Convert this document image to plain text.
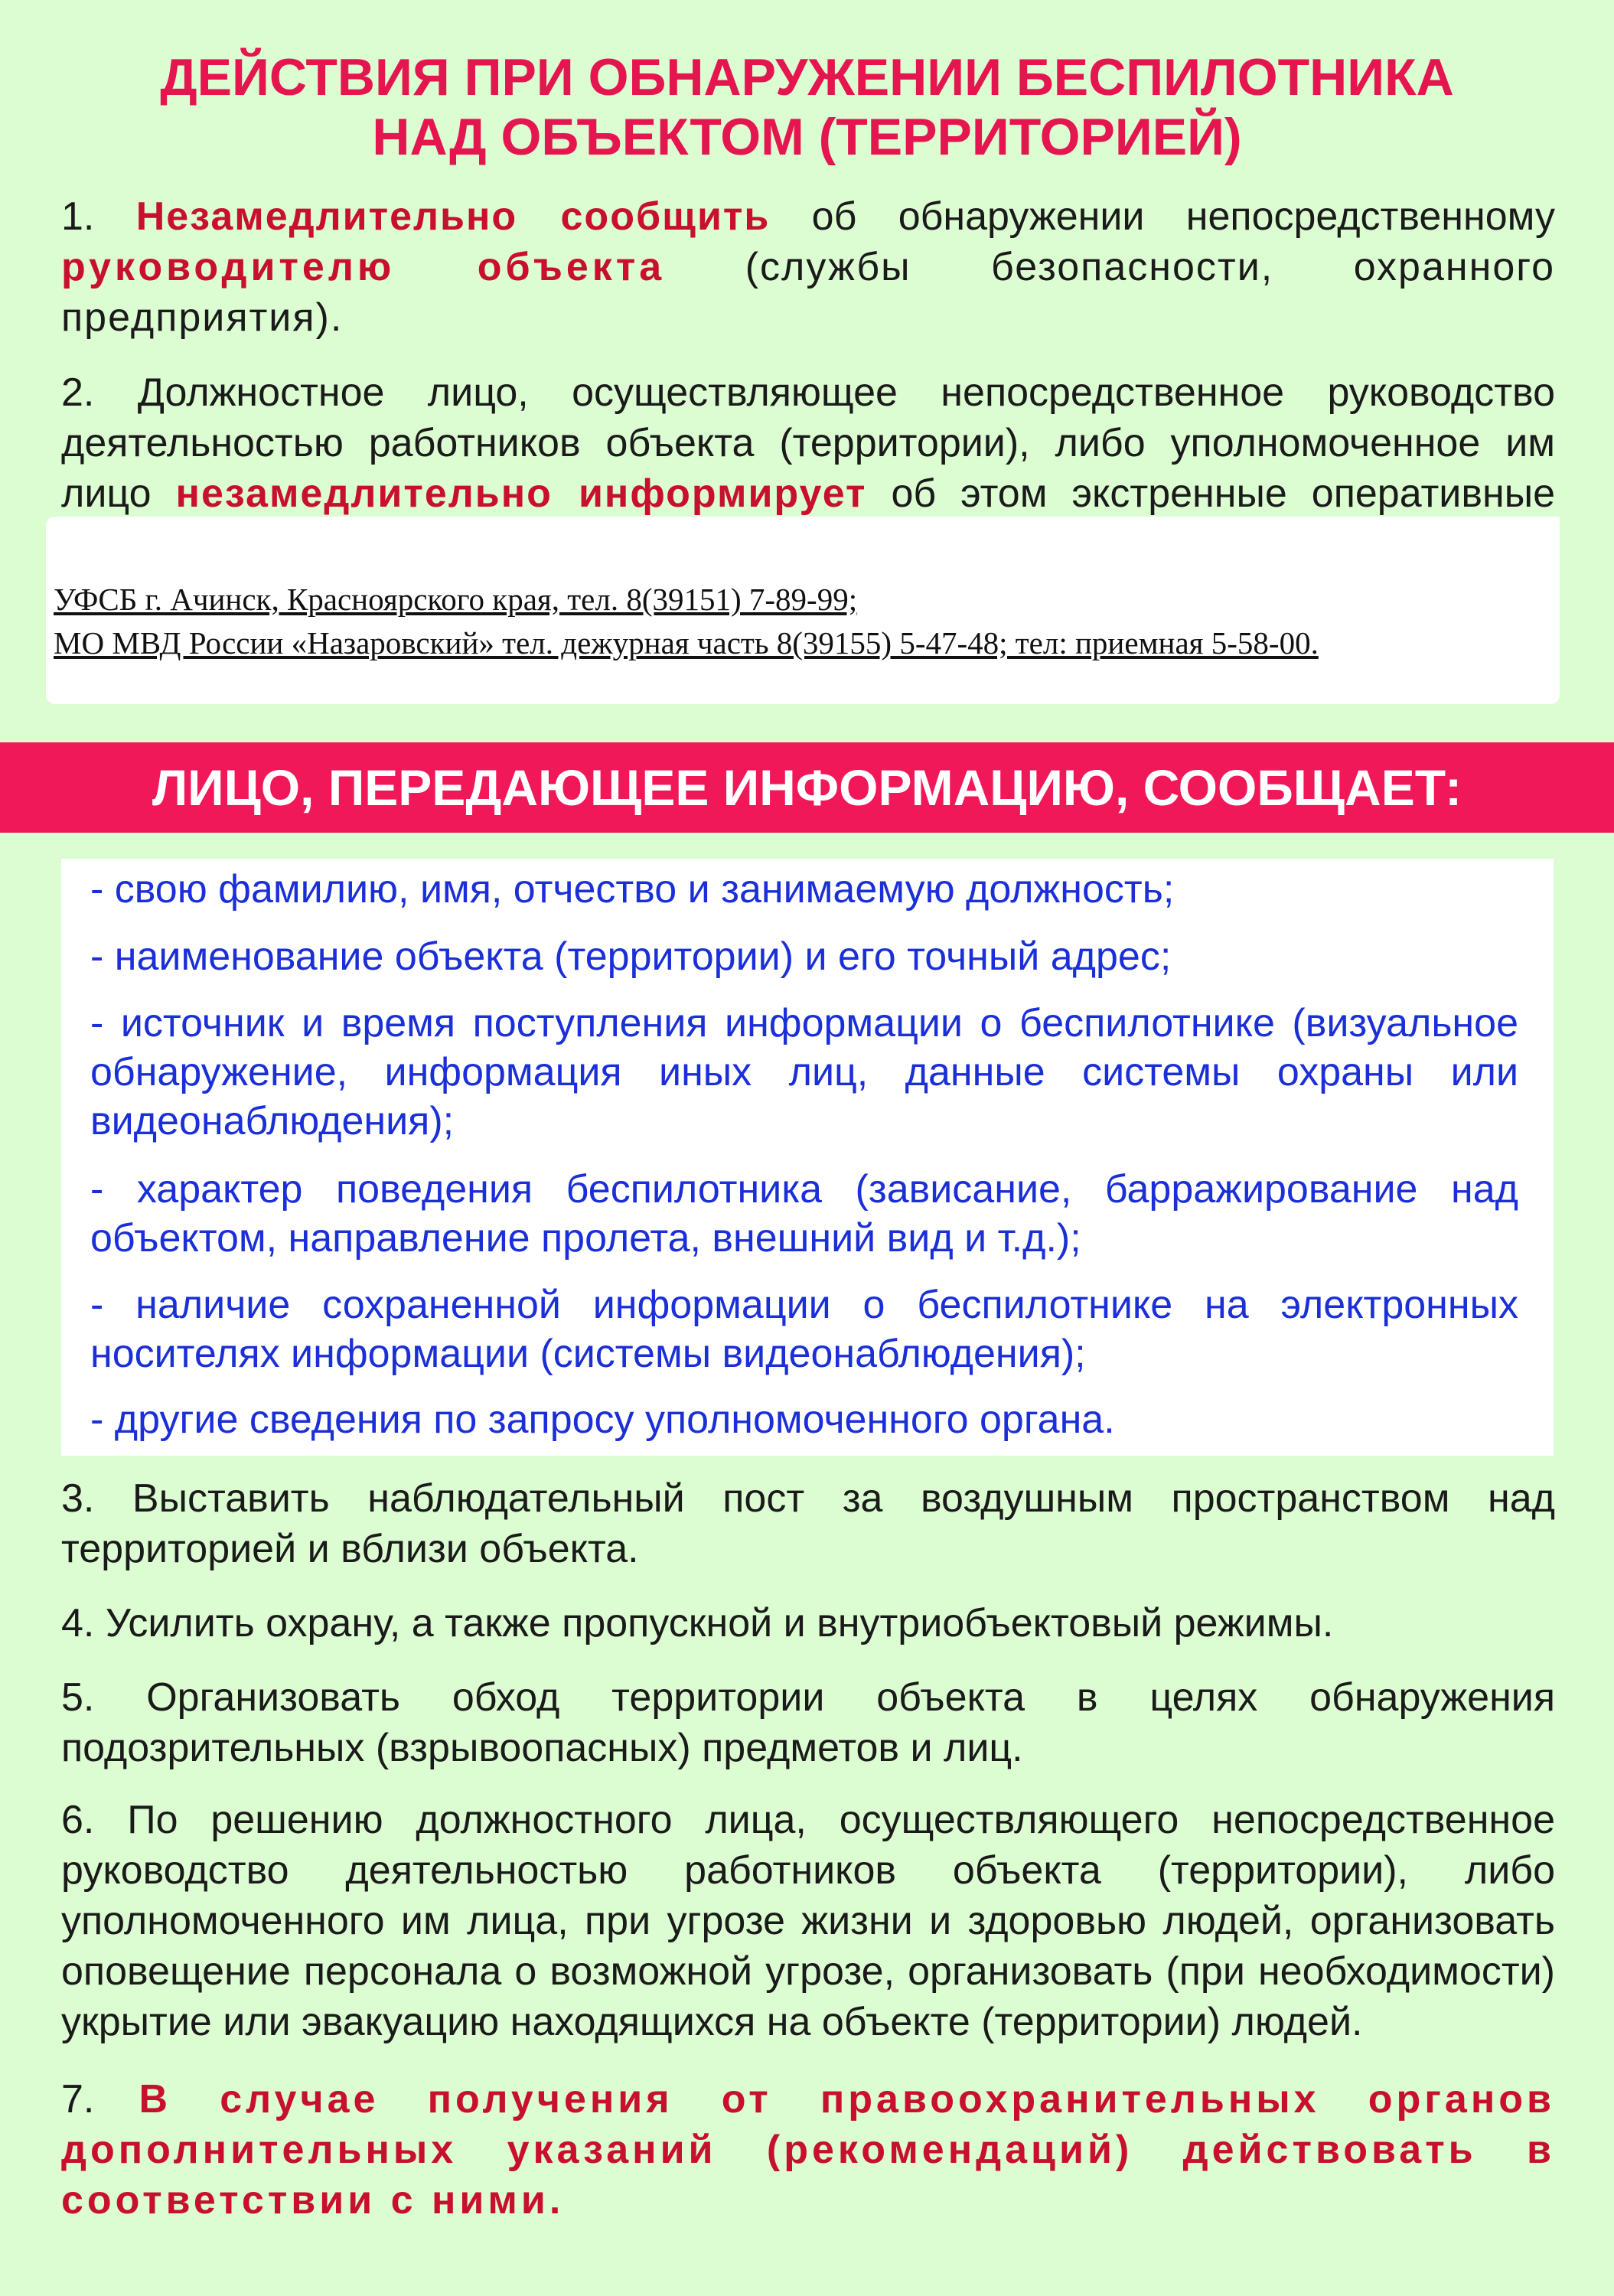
ДЕЙСТВИЯ ПРИ ОБНАРУЖЕНИИ БЕСПИЛОТНИКА
НАД ОБЪЕКТОМ (ТЕРРИТОРИЕЙ)

1. Незамедлительно сообщить об обнаружении непосредственному руководителю объекта (службы безопасности, охранного предприятия).

2. Должностное лицо, осуществляющее непосредственное руководство деятельностью работников объекта (территории), либо уполномоченное им лицо незамедлительно информирует об этом экстренные оперативные

УФСБ г. Ачинск, Красноярского края, тел. 8(39151) 7-89-99;
МО МВД России «Назаровский» тел. дежурная часть 8(39155) 5-47-48; тел: приемная 5-58-00.
ЛИЦО, ПЕРЕДАЮЩЕЕ ИНФОРМАЦИЮ, СООБЩАЕТ:

- свою фамилию, имя, отчество и занимаемую должность;

- наименование объекта (территории) и его точный адрес;

- источник и время поступления информации о беспилотнике (визуальное обнаружение, информация иных лиц, данные системы охраны или видеонаблюдения);

- характер поведения беспилотника (зависание, барражирование над объектом, направление пролета, внешний вид и т.д.);

- наличие сохраненной информации о беспилотнике на электронных носителях информации (системы видеонаблюдения);

- другие сведения по запросу уполномоченного органа.

3. Выставить наблюдательный пост за воздушным пространством над территорией и вблизи объекта.

4. Усилить охрану, а также пропускной и внутриобъектовый режимы.

5. Организовать обход территории объекта в целях обнаружения подозрительных (взрывоопасных) предметов и лиц.

6. По решению должностного лица, осуществляющего непосредственное руководство деятельностью работников объекта (территории), либо уполномоченного им лица, при угрозе жизни и здоровью людей, организовать оповещение персонала о возможной угрозе, организовать (при необходимости) укрытие или эвакуацию находящихся на объекте (территории) людей.

7. В случае получения от правоохранительных органов дополнительных указаний (рекомендаций) действовать в соответствии с ними.
